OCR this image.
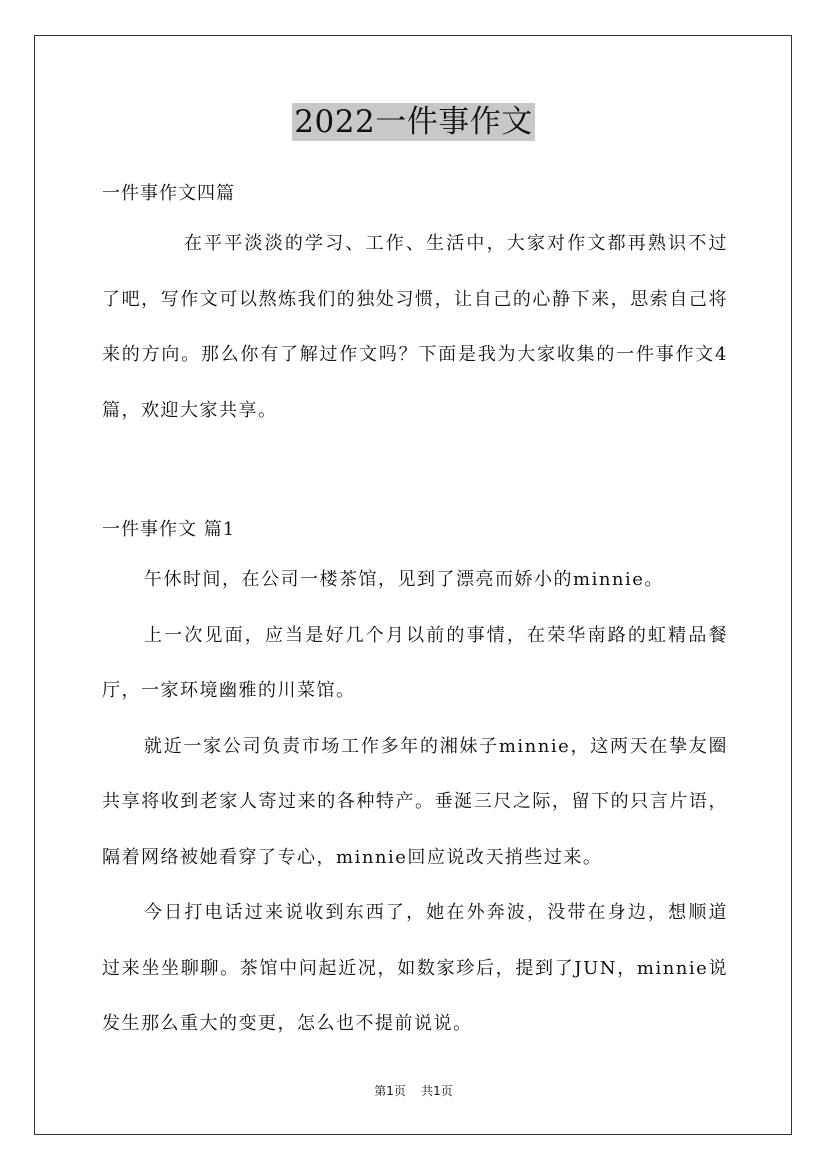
2022一件事作文

一件事作文四篇

在平平淡淡的学习、工作、生活中，大家对作文都再熟识不过了吧，写作文可以熬炼我们的独处习惯，让自己的心静下来，思索自己将来的方向。那么你有了解过作文吗？下面是我为大家收集的一件事作文4篇，欢迎大家共享。

一件事作文 篇1

午休时间，在公司一楼茶馆，见到了漂亮而娇小的minnie。

上一次见面，应当是好几个月以前的事情，在荣华南路的虹精品餐厅，一家环境幽雅的川菜馆。

就近一家公司负责市场工作多年的湘妹子minnie，这两天在挚友圈共享将收到老家人寄过来的各种特产。垂涎三尺之际，留下的只言片语，隔着网络被她看穿了专心，minnie回应说改天捎些过来。

今日打电话过来说收到东西了，她在外奔波，没带在身边，想顺道过来坐坐聊聊。茶馆中问起近况，如数家珍后，提到了JUN，minnie说发生那么重大的变更，怎么也不提前说说。

第1页 共1页
